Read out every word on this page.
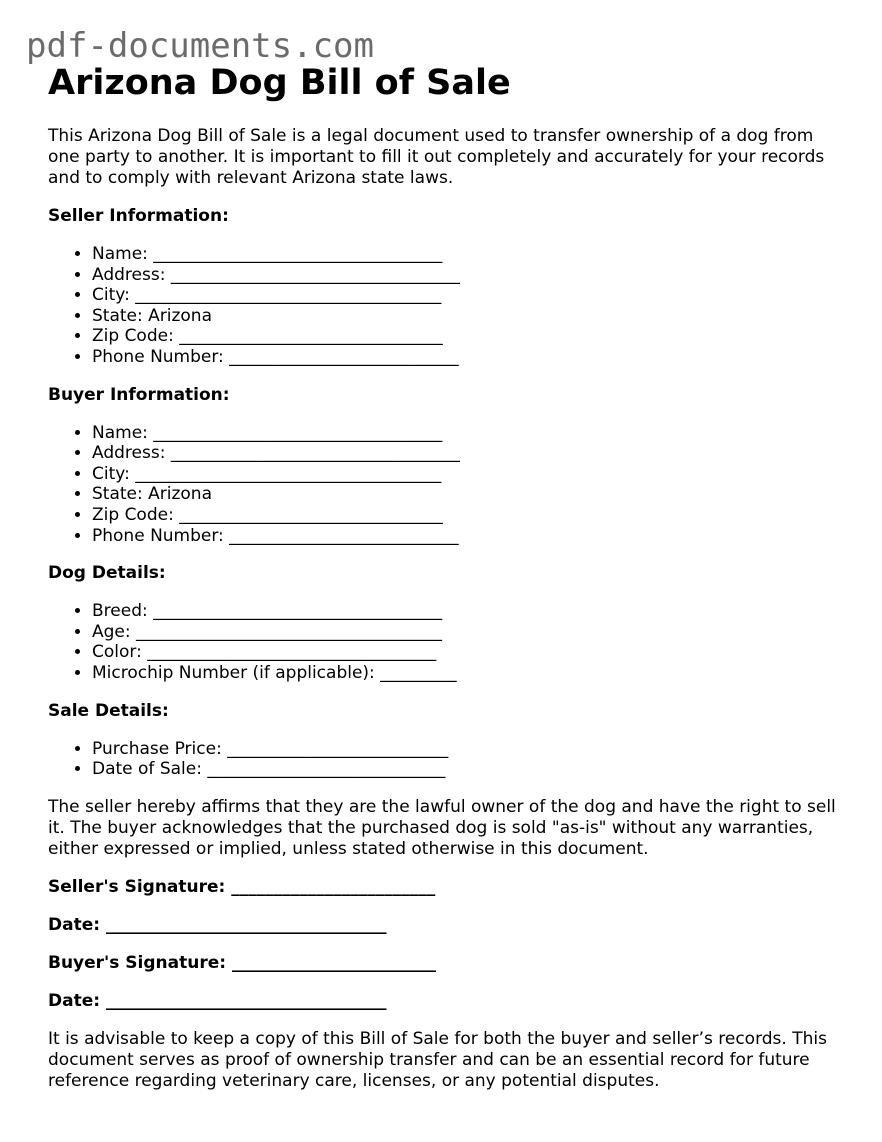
pdf-documents.com
Arizona Dog Bill of Sale

This Arizona Dog Bill of Sale is a legal document used to transfer ownership of a dog from one party to another. It is important to fill it out completely and accurately for your records and to comply with relevant Arizona state laws.

Seller Information:
• Name: __________________________________
• Address: __________________________________
• City: ____________________________________
• State: Arizona
• Zip Code: _______________________________
• Phone Number: ___________________________
Buyer Information:
• Name: __________________________________
• Address: __________________________________
• City: ____________________________________
• State: Arizona
• Zip Code: _______________________________
• Phone Number: ___________________________
Dog Details:
• Breed: __________________________________
• Age: ____________________________________
• Color: __________________________________
• Microchip Number (if applicable): _________
Sale Details:
• Purchase Price: __________________________
• Date of Sale: ____________________________

The seller hereby affirms that they are the lawful owner of the dog and have the right to sell it. The buyer acknowledges that the purchased dog is sold "as-is" without any warranties, either expressed or implied, unless stated otherwise in this document.

Seller's Signature: ________________________
Date: _________________________________
Buyer's Signature: ________________________
Date: _________________________________

It is advisable to keep a copy of this Bill of Sale for both the buyer and seller’s records. This document serves as proof of ownership transfer and can be an essential record for future reference regarding veterinary care, licenses, or any potential disputes.
